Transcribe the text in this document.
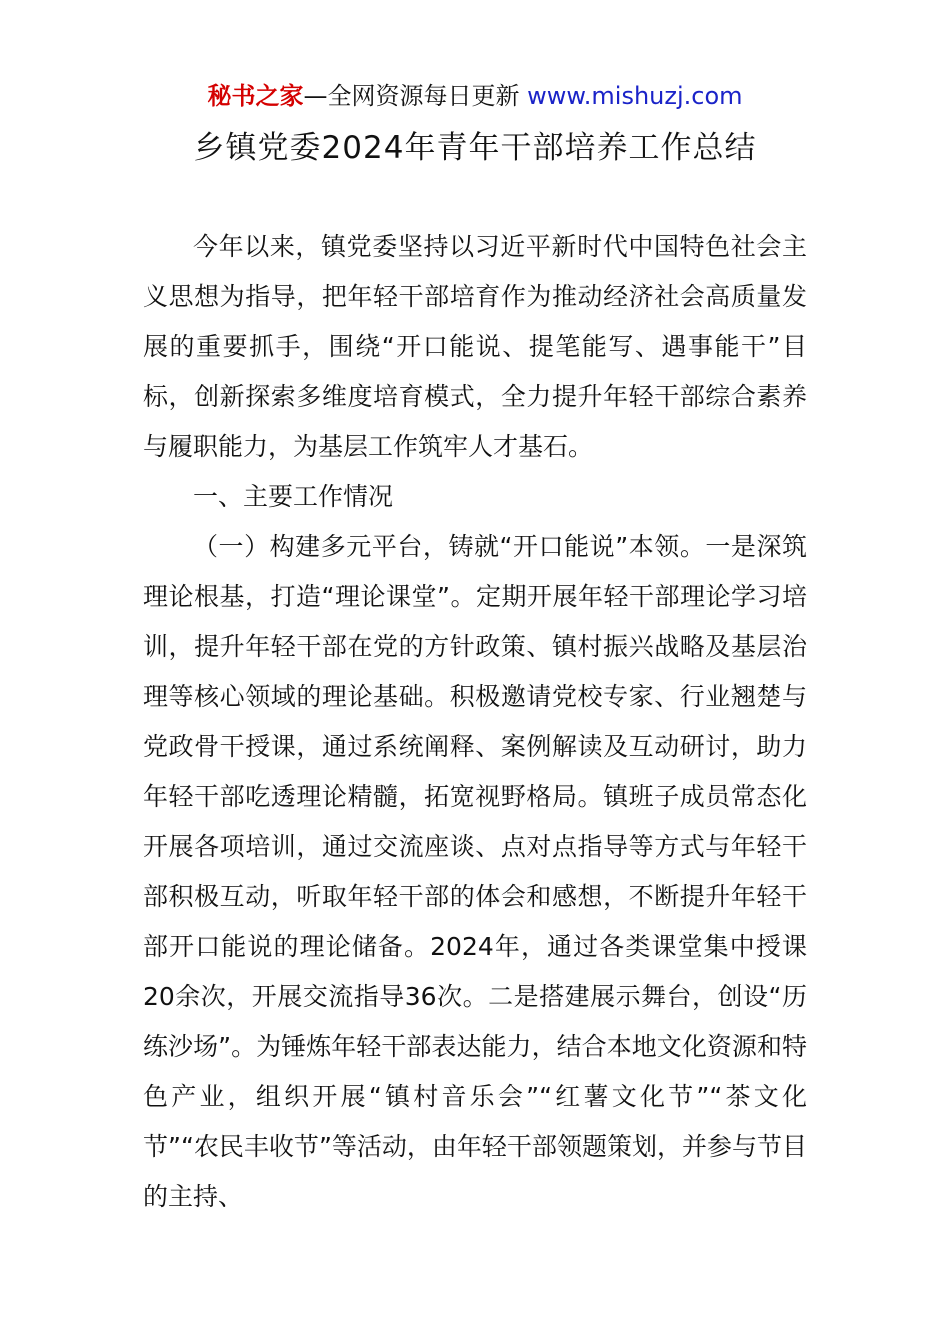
秘书之家—全网资源每日更新 www.mishuzj.com
乡镇党委2024年青年干部培养工作总结

今年以来，镇党委坚持以习近平新时代中国特色社会主义思想为指导，把年轻干部培育作为推动经济社会高质量发展的重要抓手，围绕“开口能说、提笔能写、遇事能干”目标，创新探索多维度培育模式，全力提升年轻干部综合素养与履职能力，为基层工作筑牢人才基石。

一、主要工作情况

（一）构建多元平台，铸就“开口能说”本领。一是深筑理论根基，打造“理论课堂”。定期开展年轻干部理论学习培训，提升年轻干部在党的方针政策、镇村振兴战略及基层治理等核心领域的理论基础。积极邀请党校专家、行业翘楚与党政骨干授课，通过系统阐释、案例解读及互动研讨，助力年轻干部吃透理论精髓，拓宽视野格局。镇班子成员常态化开展各项培训，通过交流座谈、点对点指导等方式与年轻干部积极互动，听取年轻干部的体会和感想，不断提升年轻干部开口能说的理论储备。2024年，通过各类课堂集中授课20余次，开展交流指导36次。二是搭建展示舞台，创设“历练沙场”。为锤炼年轻干部表达能力，结合本地文化资源和特色产业，组织开展“镇村音乐会”“红薯文化节”“茶文化节”“农民丰收节”等活动，由年轻干部领题策划，并参与节目的主持、
